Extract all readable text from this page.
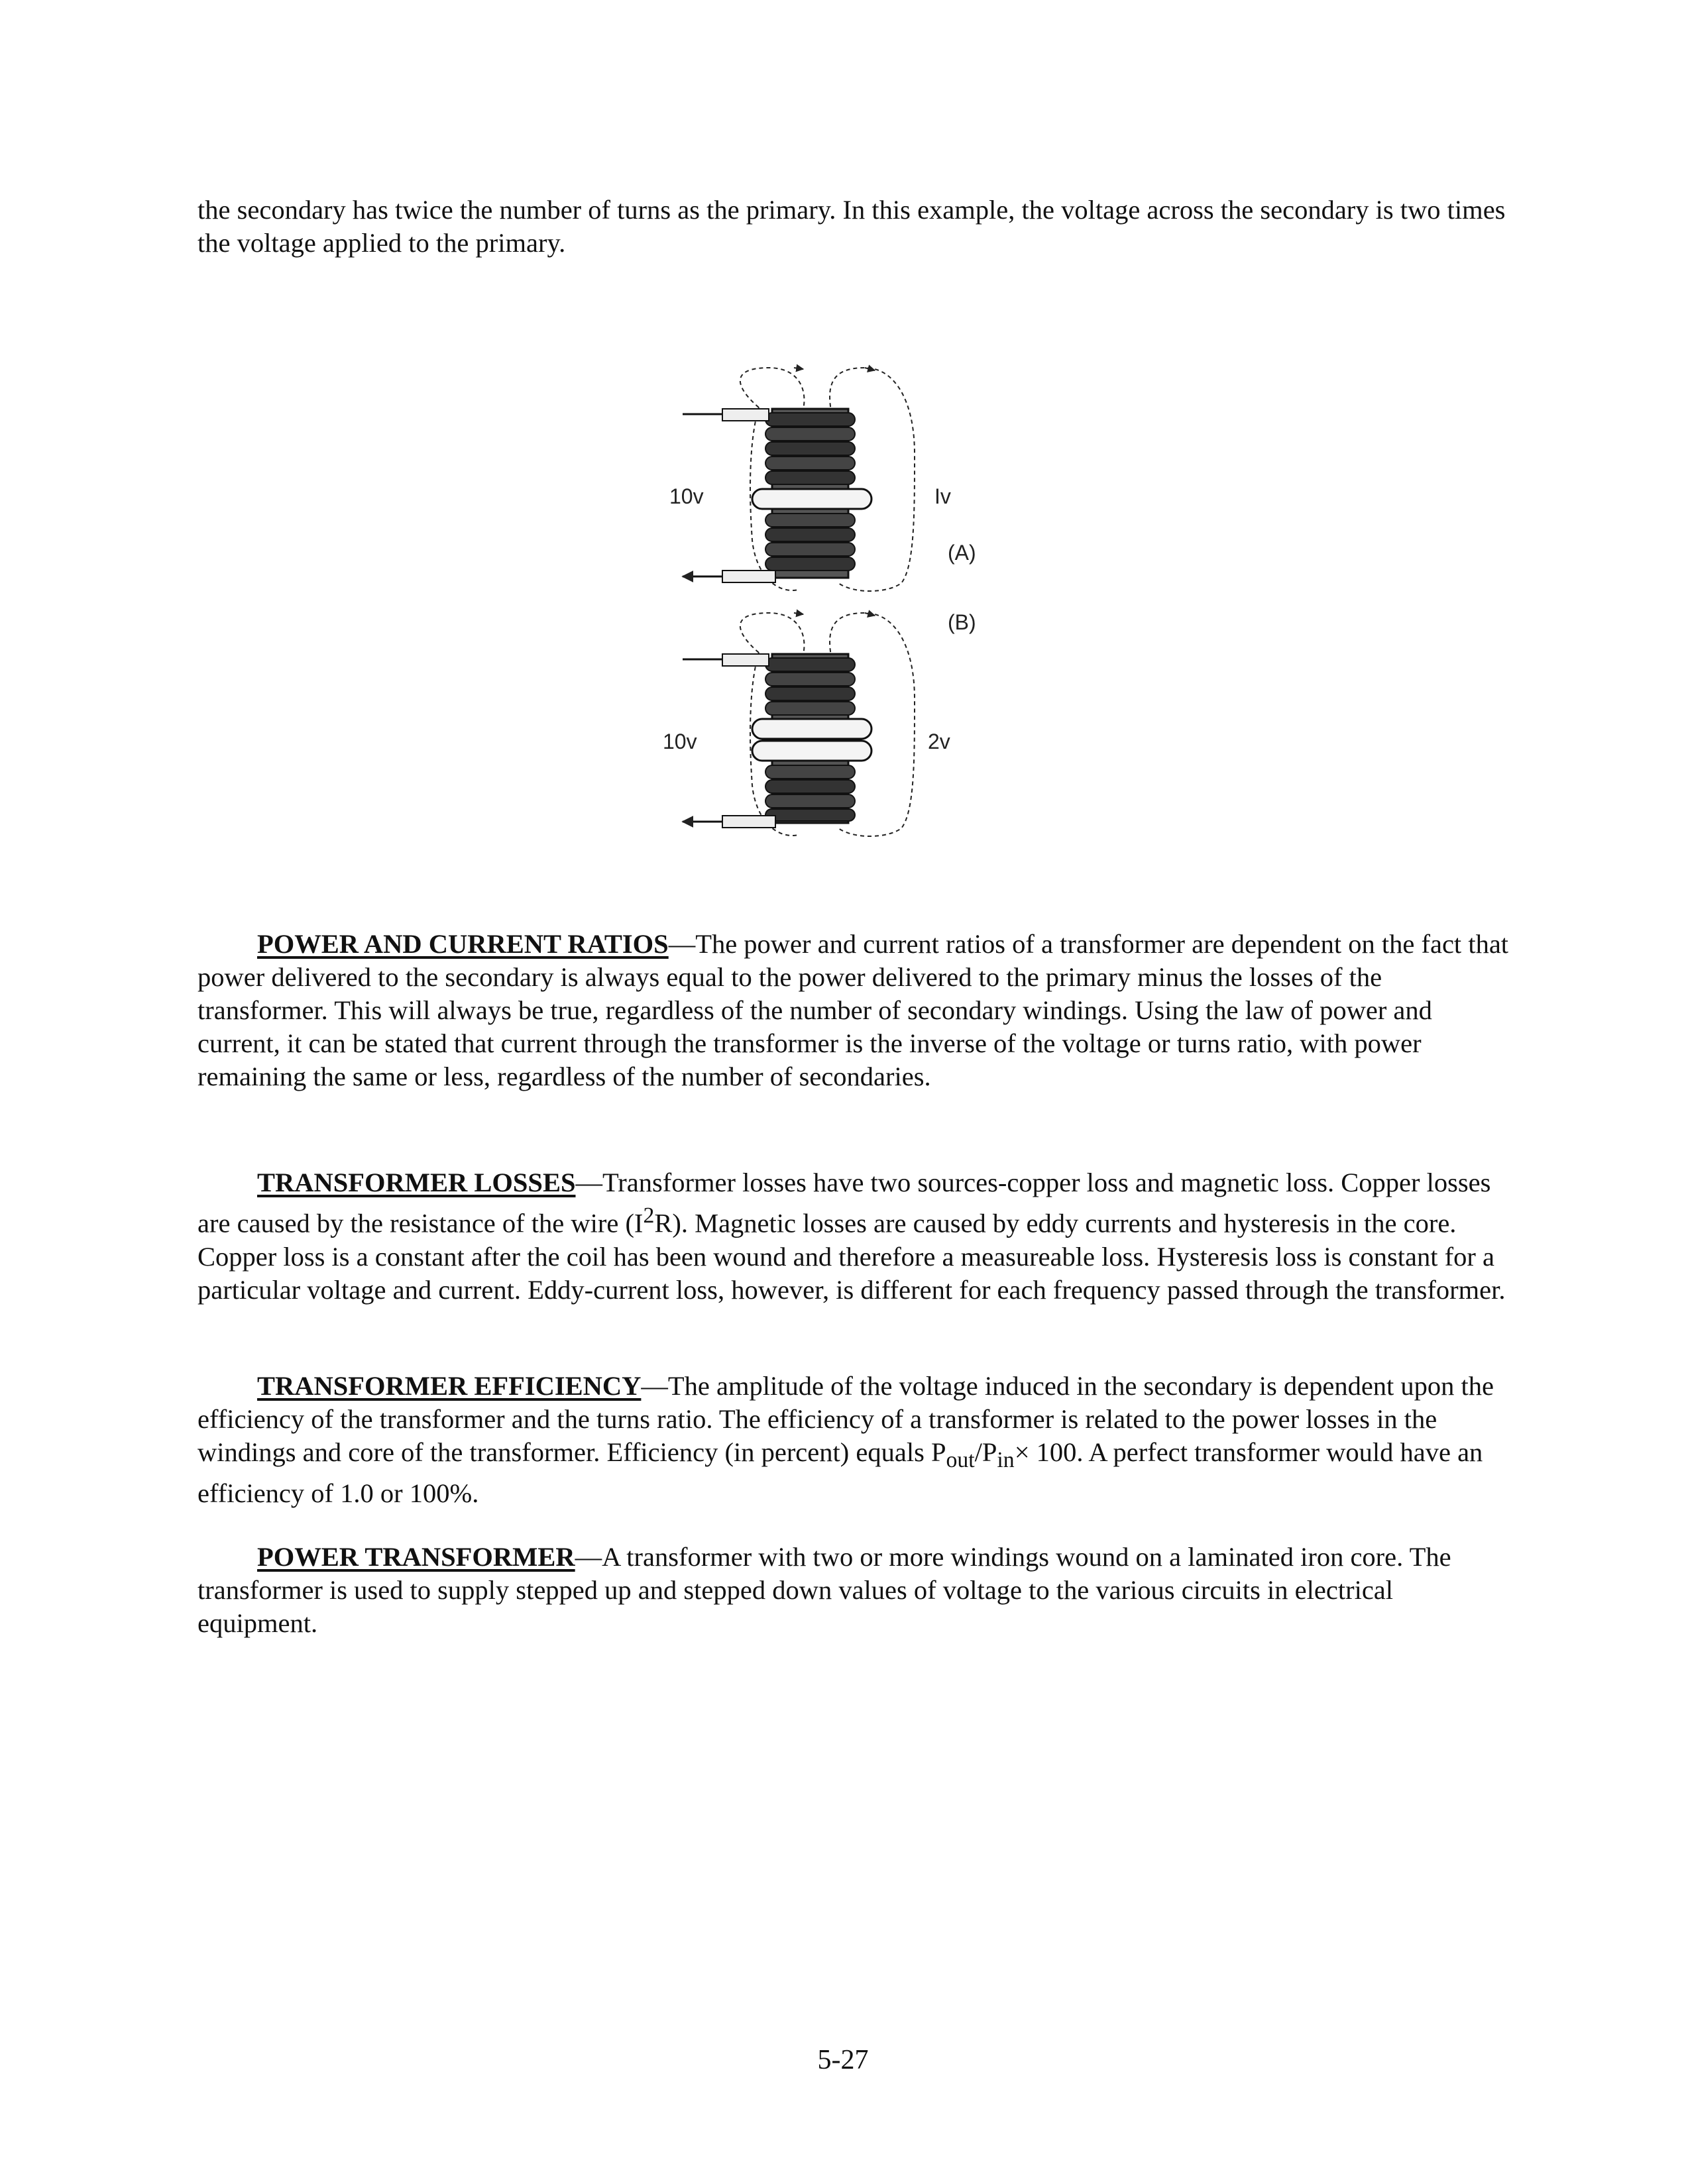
the secondary has twice the number of turns as the primary. In this example, the voltage across the secondary is two times the voltage applied to the primary.

10v	Iv
(A)
(B)
10v	2v

POWER AND CURRENT RATIOS—The power and current ratios of a transformer are dependent on the fact that power delivered to the secondary is always equal to the power delivered to the primary minus the losses of the transformer. This will always be true, regardless of the number of secondary windings. Using the law of power and current, it can be stated that current through the transformer is the inverse of the voltage or turns ratio, with power remaining the same or less, regardless of the number of secondaries.

TRANSFORMER LOSSES—Transformer losses have two sources-copper loss and magnetic loss. Copper losses are caused by the resistance of the wire $(I^2R)$. Magnetic losses are caused by eddy currents and hysteresis in the core. Copper loss is a constant after the coil has been wound and therefore a measureable loss. Hysteresis loss is constant for a particular voltage and current. Eddy-current loss, however, is different for each frequency passed through the transformer.

TRANSFORMER EFFICIENCY—The amplitude of the voltage induced in the secondary is dependent upon the efficiency of the transformer and the turns ratio. The efficiency of a transformer is related to the power losses in the windings and core of the transformer. Efficiency (in percent) equals $P_{out}/P_{in}\times 100$. A perfect transformer would have an efficiency of 1.0 or 100%.

POWER TRANSFORMER—A transformer with two or more windings wound on a laminated iron core. The transformer is used to supply stepped up and stepped down values of voltage to the various circuits in electrical equipment.

5-27
